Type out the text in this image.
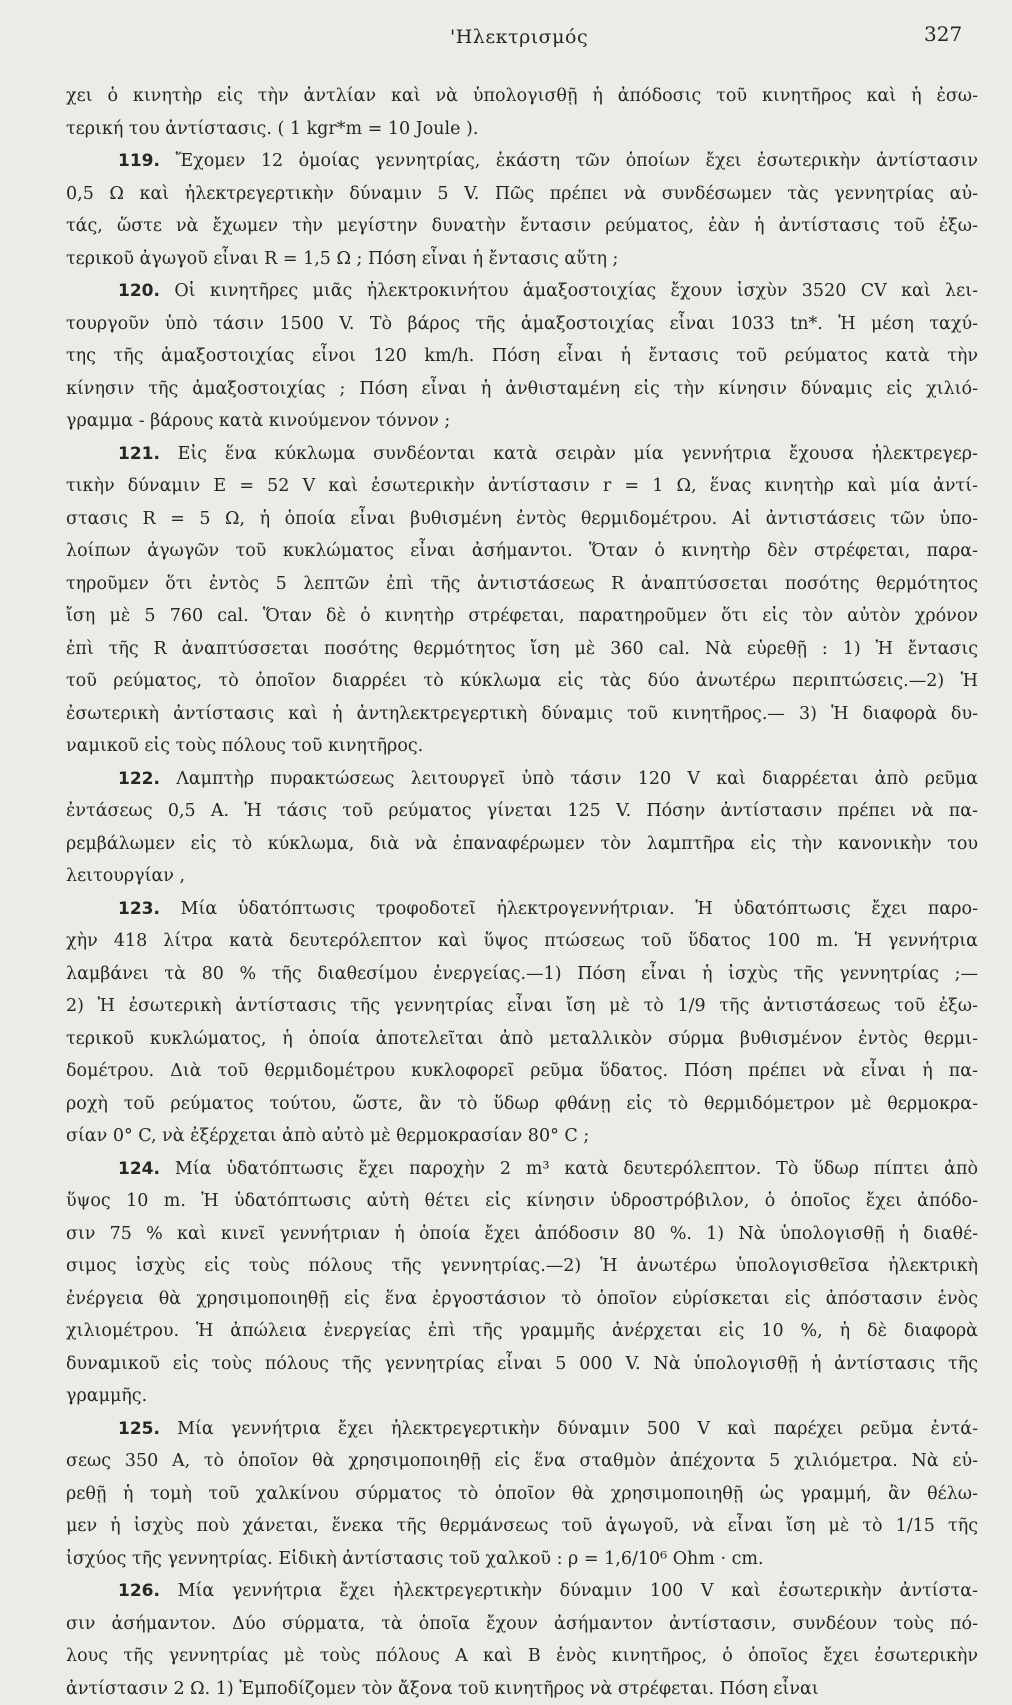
'Ηλεκτρισμός	327
χει ὁ κινητὴρ εἰς τὴν ἀντλίαν καὶ νὰ ὑπολογισθῇ ἡ ἀπόδοσις τοῦ κινητῆρος καὶ ἡ ἐσω-
τερική του ἀντίστασις. ( 1 kgr*m = 10 Joule ).
119. Ἔχομεν 12 ὁμοίας γεννητρίας, ἑκάστη τῶν ὁποίων ἔχει ἐσωτερικὴν ἀντίστασιν
0,5 Ω καὶ ἠλεκτρεγερτικὴν δύναμιν 5 V. Πῶς πρέπει νὰ συνδέσωμεν τὰς γεννητρίας αὐ-
τάς, ὥστε νὰ ἔχωμεν τὴν μεγίστην δυνατὴν ἔντασιν ρεύματος, ἐὰν ἡ ἀντίστασις τοῦ ἐξω-
τερικοῦ ἀγωγοῦ εἶναι R = 1,5 Ω ; Πόση εἶναι ἡ ἔντασις αὕτη ;
120. Οἱ κινητῆρες μιᾶς ἠλεκτροκινήτου ἁμαξοστοιχίας ἔχουν ἰσχὺν 3520 CV καὶ λει-
τουργοῦν ὑπὸ τάσιν 1500 V. Τὸ βάρος τῆς ἁμαξοστοιχίας εἶναι 1033 tn*. Ἡ μέση ταχύ-
της τῆς ἁμαξοστοιχίας εἶνοι 120 km/h. Πόση εἶναι ἡ ἔντασις τοῦ ρεύματος κατὰ τὴν
κίνησιν τῆς ἁμαξοστοιχίας ; Πόση εἶναι ἡ ἀνθισταμένη εἰς τὴν κίνησιν δύναμις εἰς χιλιό-
γραμμα - βάρους κατὰ κινούμενον τόννον ;
121. Εἰς ἕνα κύκλωμα συνδέονται κατὰ σειρὰν μία γεννήτρια ἔχουσα ἠλεκτρεγερ-
τικὴν δύναμιν E = 52 V καὶ ἐσωτερικὴν ἀντίστασιν r = 1 Ω, ἕνας κινητὴρ καὶ μία ἀντί-
στασις R = 5 Ω, ἡ ὁποία εἶναι βυθισμένη ἐντὸς θερμιδομέτρου. Αἱ ἀντιστάσεις τῶν ὑπο-
λοίπων ἀγωγῶν τοῦ κυκλώματος εἶναι ἀσήμαντοι. Ὅταν ὁ κινητὴρ δὲν στρέφεται, παρα-
τηροῦμεν ὅτι ἐντὸς 5 λεπτῶν ἐπὶ τῆς ἀντιστάσεως R ἀναπτύσσεται ποσότης θερμότητος
ἴση μὲ 5 760 cal. Ὅταν δὲ ὁ κινητὴρ στρέφεται, παρατηροῦμεν ὅτι εἰς τὸν αὐτὸν χρόνον
ἐπὶ τῆς R ἀναπτύσσεται ποσότης θερμότητος ἴση μὲ 360 cal. Νὰ εὑρεθῇ : 1) Ἡ ἔντασις
τοῦ ρεύματος, τὸ ὁποῖον διαρρέει τὸ κύκλωμα εἰς τὰς δύο ἀνωτέρω περιπτώσεις.—2) Ἡ
ἐσωτερικὴ ἀντίστασις καὶ ἡ ἀντηλεκτρεγερτικὴ δύναμις τοῦ κινητῆρος.— 3) Ἡ διαφορὰ δυ-
ναμικοῦ εἰς τοὺς πόλους τοῦ κινητῆρος.
122. Λαμπτὴρ πυρακτώσεως λειτουργεῖ ὑπὸ τάσιν 120 V καὶ διαρρέεται ἀπὸ ρεῦμα
ἐντάσεως 0,5 A. Ἡ τάσις τοῦ ρεύματος γίνεται 125 V. Πόσην ἀντίστασιν πρέπει νὰ πα-
ρεμβάλωμεν εἰς τὸ κύκλωμα, διὰ νὰ ἐπαναφέρωμεν τὸν λαμπτῆρα εἰς τὴν κανονικὴν του
λειτουργίαν ,
123. Μία ὑδατόπτωσις τροφοδοτεῖ ἠλεκτρογεννήτριαν. Ἡ ὑδατόπτωσις ἔχει παρο-
χὴν 418 λίτρα κατὰ δευτερόλεπτον καὶ ὕψος πτώσεως τοῦ ὕδατος 100 m. Ἡ γεννήτρια
λαμβάνει τὰ 80 % τῆς διαθεσίμου ἐνεργείας.—1) Πόση εἶναι ἡ ἰσχὺς τῆς γεννητρίας ;—
2) Ἡ ἐσωτερικὴ ἀντίστασις τῆς γεννητρίας εἶναι ἴση μὲ τὸ 1/9 τῆς ἀντιστάσεως τοῦ ἐξω-
τερικοῦ κυκλώματος, ἡ ὁποία ἀποτελεῖται ἀπὸ μεταλλικὸν σύρμα βυθισμένον ἐντὸς θερμι-
δομέτρου. Διὰ τοῦ θερμιδομέτρου κυκλοφορεῖ ρεῦμα ὕδατος. Πόση πρέπει νὰ εἶναι ἡ πα-
ροχὴ τοῦ ρεύματος τούτου, ὥστε, ἂν τὸ ὕδωρ φθάνῃ εἰς τὸ θερμιδόμετρον μὲ θερμοκρα-
σίαν 0° C, νὰ ἐξέρχεται ἀπὸ αὐτὸ μὲ θερμοκρασίαν 80° C ;
124. Μία ὑδατόπτωσις ἔχει παροχὴν 2 m³ κατὰ δευτερόλεπτον. Τὸ ὕδωρ πίπτει ἀπὸ
ὕψος 10 m. Ἡ ὑδατόπτωσις αὐτὴ θέτει εἰς κίνησιν ὑδροστρόβιλον, ὁ ὁποῖος ἔχει ἀπόδο-
σιν 75 % καὶ κινεῖ γεννήτριαν ἡ ὁποία ἔχει ἀπόδοσιν 80 %. 1) Νὰ ὑπολογισθῇ ἡ διαθέ-
σιμος ἰσχὺς εἰς τοὺς πόλους τῆς γεννητρίας.—2) Ἡ ἀνωτέρω ὑπολογισθεῖσα ἠλεκτρικὴ
ἐνέργεια θὰ χρησιμοποιηθῇ εἰς ἕνα ἐργοστάσιον τὸ ὁποῖον εὑρίσκεται εἰς ἀπόστασιν ἑνὸς
χιλιομέτρου. Ἡ ἀπώλεια ἐνεργείας ἐπὶ τῆς γραμμῆς ἀνέρχεται εἰς 10 %, ἡ δὲ διαφορὰ
δυναμικοῦ εἰς τοὺς πόλους τῆς γεννητρίας εἶναι 5 000 V. Νὰ ὑπολογισθῇ ἡ ἀντίστασις τῆς
γραμμῆς.
125. Μία γεννήτρια ἔχει ἠλεκτρεγερτικὴν δύναμιν 500 V καὶ παρέχει ρεῦμα ἐντά-
σεως 350 A, τὸ ὁποῖον θὰ χρησιμοποιηθῇ εἰς ἕνα σταθμὸν ἀπέχοντα 5 χιλιόμετρα. Νὰ εὑ-
ρεθῇ ἡ τομὴ τοῦ χαλκίνου σύρματος τὸ ὁποῖον θὰ χρησιμοποιηθῇ ὡς γραμμή, ἂν θέλω-
μεν ἡ ἰσχὺς ποὺ χάνεται, ἕνεκα τῆς θερμάνσεως τοῦ ἀγωγοῦ, νὰ εἶναι ἴση μὲ τὸ 1/15 τῆς
ἰσχύος τῆς γεννητρίας. Εἰδικὴ ἀντίστασις τοῦ χαλκοῦ : ρ = 1,6/10⁶ Ohm · cm.
126. Μία γεννήτρια ἔχει ἠλεκτρεγερτικὴν δύναμιν 100 V καὶ ἐσωτερικὴν ἀντίστα-
σιν ἀσήμαντον. Δύο σύρματα, τὰ ὁποῖα ἔχουν ἀσήμαντον ἀντίστασιν, συνδέουν τοὺς πό-
λους τῆς γεννητρίας μὲ τοὺς πόλους A καὶ B ἑνὸς κινητῆρος, ὁ ὁποῖος ἔχει ἐσωτερικὴν
ἀντίστασιν 2 Ω. 1) Ἐμποδίζομεν τὸν ἄξονα τοῦ κινητῆρος νὰ στρέφεται. Πόση εἶναι
